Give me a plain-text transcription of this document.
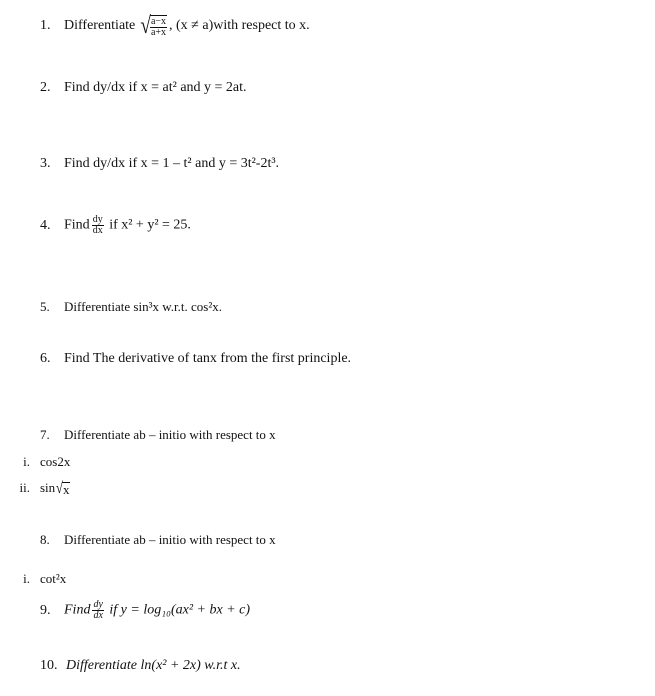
1. Differentiate √ $\frac{a-x}{a+x}$ , (x ≠ a)with respect to x.
2. Find dy/dx if x = at² and y = 2at.
3. Find dy/dx if x = 1 – t² and y = 3t²-2t³.
4. Find $\frac{dy}{dx}$ if x² + y² = 25.
5. Differentiate sin³x w.r.t. cos²x.
6. Find The derivative of tanx from the first principle.
7. Differentiate ab – initio with respect to x
i. cos2x
ii. sin √ x
8. Differentiate ab – initio with respect to x
i. cot²x
9. Find $\frac{dy}{dx}$ if y = log₁₀(ax² + bx + c)
10. Differentiate ln(x² + 2x) w.r.t x.
